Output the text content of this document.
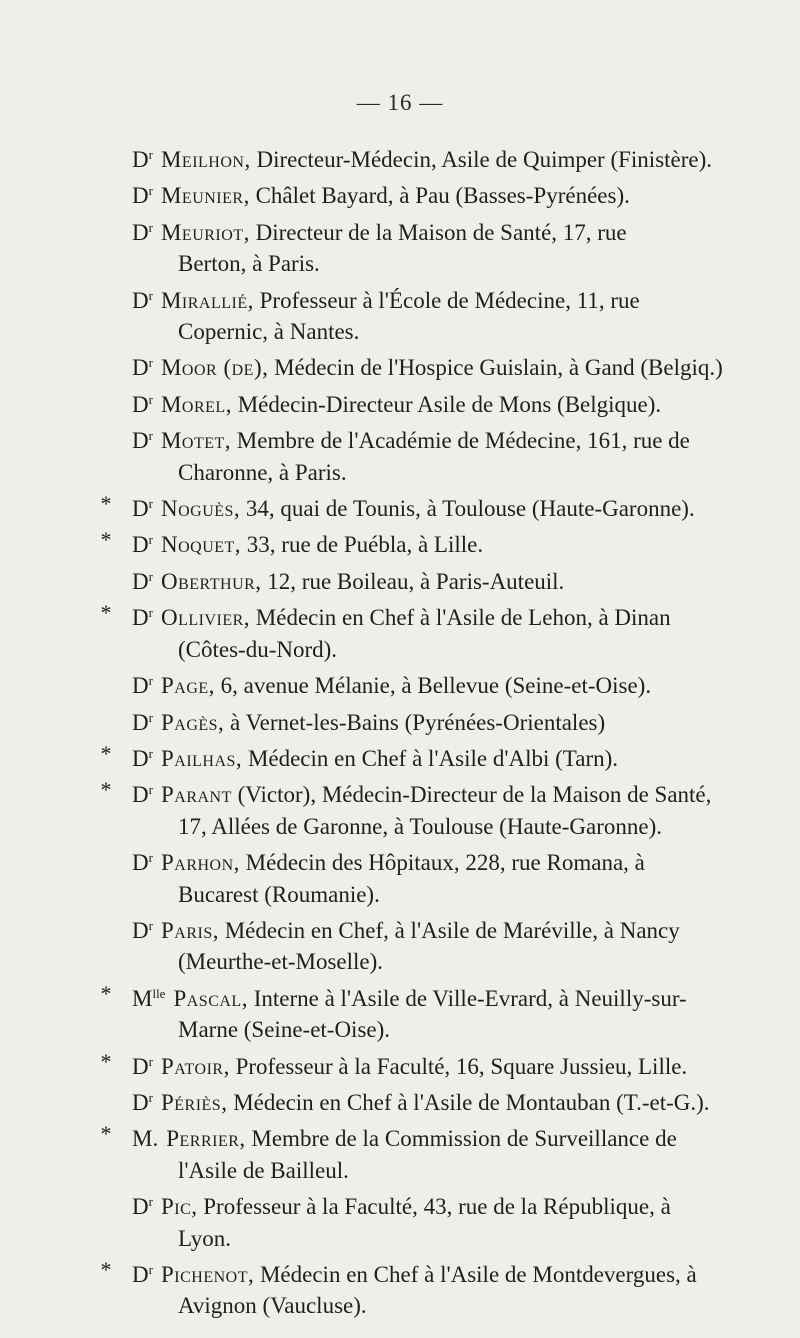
— 16 —
$D^r$ Meilhon, Directeur-Médecin, Asile de Quimper (Finistère).
$D^r$ Meunier, Châlet Bayard, à Pau (Basses-Pyrénées).
$D^r$ Meuriot, Directeur de la Maison de Santé, 17, rue
Berton, à Paris.
$D^r$ Mirallié, Professeur à l'École de Médecine, 11, rue
Copernic, à Nantes.
$D^r$ Moor (de), Médecin de l'Hospice Guislain, à Gand (Belgiq.)
$D^r$ Morel, Médecin-Directeur Asile de Mons (Belgique).
$D^r$ Motet, Membre de l'Académie de Médecine, 161, rue de
Charonne, à Paris.
* $D^r$ Noguès, 34, quai de Tounis, à Toulouse (Haute-Garonne).
* $D^r$ Noquet, 33, rue de Puébla, à Lille.
$D^r$ Oberthur, 12, rue Boileau, à Paris-Auteuil.
* $D^r$ Ollivier, Médecin en Chef à l'Asile de Lehon, à Dinan
(Côtes-du-Nord).
$D^r$ Page, 6, avenue Mélanie, à Bellevue (Seine-et-Oise).
$D^r$ Pagès, à Vernet-les-Bains (Pyrénées-Orientales)
* $D^r$ Pailhas, Médecin en Chef à l'Asile d'Albi (Tarn).
* $D^r$ Parant (Victor), Médecin-Directeur de la Maison de Santé,
17, Allées de Garonne, à Toulouse (Haute-Garonne).
$D^r$ Parhon, Médecin des Hôpitaux, 228, rue Romana, à
Bucarest (Roumanie).
$D^r$ Paris, Médecin en Chef, à l'Asile de Maréville, à Nancy
(Meurthe-et-Moselle).
* $M^{lle}$ Pascal, Interne à l'Asile de Ville-Evrard, à Neuilly-sur-
Marne (Seine-et-Oise).
* $D^r$ Patoir, Professeur à la Faculté, 16, Square Jussieu, Lille.
$D^r$ Périès, Médecin en Chef à l'Asile de Montauban (T.-et-G.).
* M. Perrier, Membre de la Commission de Surveillance de
l'Asile de Bailleul.
$D^r$ Pic, Professeur à la Faculté, 43, rue de la République, à
Lyon.
* $D^r$ Pichenot, Médecin en Chef à l'Asile de Montdevergues, à
Avignon (Vaucluse).
